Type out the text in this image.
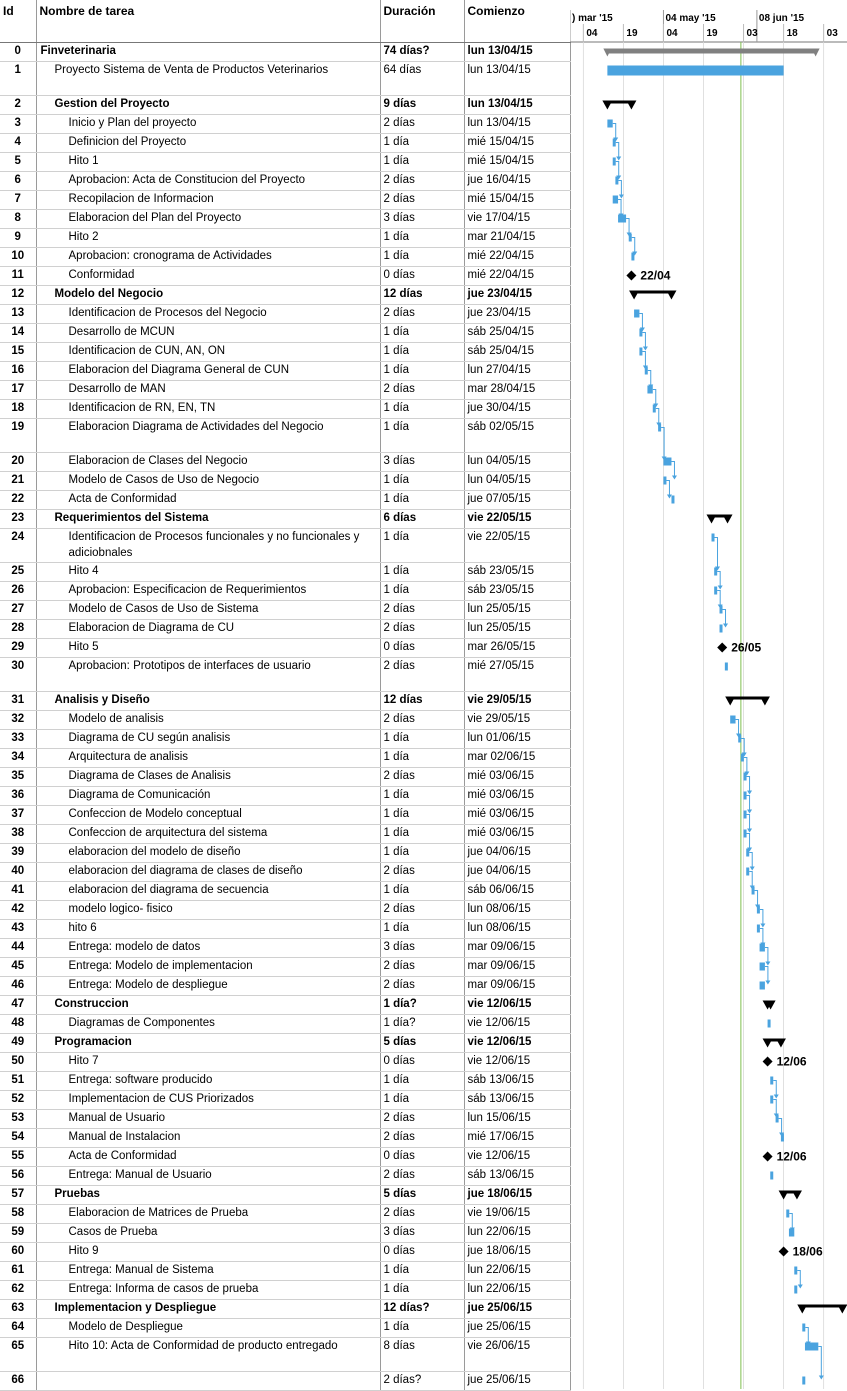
Id	Nombre de tarea	Duración	Comienzo
0	Finveterinaria	74 días?	lun 13/04/15
1	Proyecto Sistema de Venta de Productos Veterinarios	64 días	lun 13/04/15
2	Gestion del Proyecto	9 días	lun 13/04/15
3	Inicio y Plan del proyecto	2 días	lun 13/04/15
4	Definicion del Proyecto	1 día	mié 15/04/15
5	Hito 1	1 día	mié 15/04/15
6	Aprobacion: Acta de Constitucion del Proyecto	2 días	jue 16/04/15
7	Recopilacion de Informacion	2 días	mié 15/04/15
8	Elaboracion del Plan del Proyecto	3 días	vie 17/04/15
9	Hito 2	1 día	mar 21/04/15
10	Aprobacion: cronograma de Actividades	1 día	mié 22/04/15
11	Conformidad	0 días	mié 22/04/15
12	Modelo del Negocio	12 días	jue 23/04/15
13	Identificacion de Procesos del Negocio	2 días	jue 23/04/15
14	Desarrollo de MCUN	1 día	sáb 25/04/15
15	Identificacion de CUN, AN, ON	1 día	sáb 25/04/15
16	Elaboracion del Diagrama General de CUN	1 día	lun 27/04/15
17	Desarrollo de MAN	2 días	mar 28/04/15
18	Identificacion de RN, EN, TN	1 día	jue 30/04/15
19	Elaboracion Diagrama de Actividades del Negocio	1 día	sáb 02/05/15
20	Elaboracion de Clases del Negocio	3 días	lun 04/05/15
21	Modelo de Casos de Uso de Negocio	1 día	lun 04/05/15
22	Acta de Conformidad	1 día	jue 07/05/15
23	Requerimientos del Sistema	6 días	vie 22/05/15
24	Identificacion de Procesos funcionales y no funcionales y adiciobnales	1 día	vie 22/05/15
25	Hito 4	1 día	sáb 23/05/15
26	Aprobacion: Especificacion de Requerimientos	1 día	sáb 23/05/15
27	Modelo de Casos de Uso de Sistema	2 días	lun 25/05/15
28	Elaboracion de Diagrama de CU	2 días	lun 25/05/15
29	Hito 5	0 días	mar 26/05/15
30	Aprobacion: Prototipos de interfaces de usuario	2 días	mié 27/05/15
31	Analisis y Diseño	12 días	vie 29/05/15
32	Modelo de analisis	2 días	vie 29/05/15
33	Diagrama de CU según analisis	1 día	lun 01/06/15
34	Arquitectura de analisis	1 día	mar 02/06/15
35	Diagrama de Clases de Analisis	2 días	mié 03/06/15
36	Diagrama de Comunicación	1 día	mié 03/06/15
37	Confeccion de Modelo conceptual	1 día	mié 03/06/15
38	Confeccion de arquitectura del sistema	1 día	mié 03/06/15
39	elaboracion del modelo de diseño	1 día	jue 04/06/15
40	elaboracion del diagrama de clases de diseño	2 días	jue 04/06/15
41	elaboracion del diagrama de secuencia	1 día	sáb 06/06/15
42	modelo logico- fisico	2 días	lun 08/06/15
43	hito 6	1 día	lun 08/06/15
44	Entrega: modelo de datos	3 días	mar 09/06/15
45	Entrega: Modelo de implementacion	2 días	mar 09/06/15
46	Entrega: Modelo de despliegue	2 días	mar 09/06/15
47	Construccion	1 día?	vie 12/06/15
48	Diagramas de Componentes	1 día?	vie 12/06/15
49	Programacion	5 días	vie 12/06/15
50	Hito 7	0 días	vie 12/06/15
51	Entrega: software producido	1 día	sáb 13/06/15
52	Implementacion de CUS Priorizados	1 día	sáb 13/06/15
53	Manual de Usuario	2 días	lun 15/06/15
54	Manual de Instalacion	2 días	mié 17/06/15
55	Acta de Conformidad	0 días	vie 12/06/15
56	Entrega: Manual de Usuario	2 días	sáb 13/06/15
57	Pruebas	5 días	jue 18/06/15
58	Elaboracion de Matrices de Prueba	2 días	vie 19/06/15
59	Casos de Prueba	3 días	lun 22/06/15
60	Hito 9	0 días	jue 18/06/15
61	Entrega: Manual de Sistema	1 día	lun 22/06/15
62	Entrega: Informa de casos de prueba	1 día	lun 22/06/15
63	Implementacion y Despliegue	12 días?	jue 25/06/15
64	Modelo de Despliegue	1 día	jue 25/06/15
65	Hito 10: Acta de Conformidad de producto entregado	8 días	vie 26/06/15
66		2 días?	jue 25/06/15
) mar '15	04 may '15	08 jun '15
04	19	04	19	03	18	03
22/04
26/05
12/06
12/06
18/06
